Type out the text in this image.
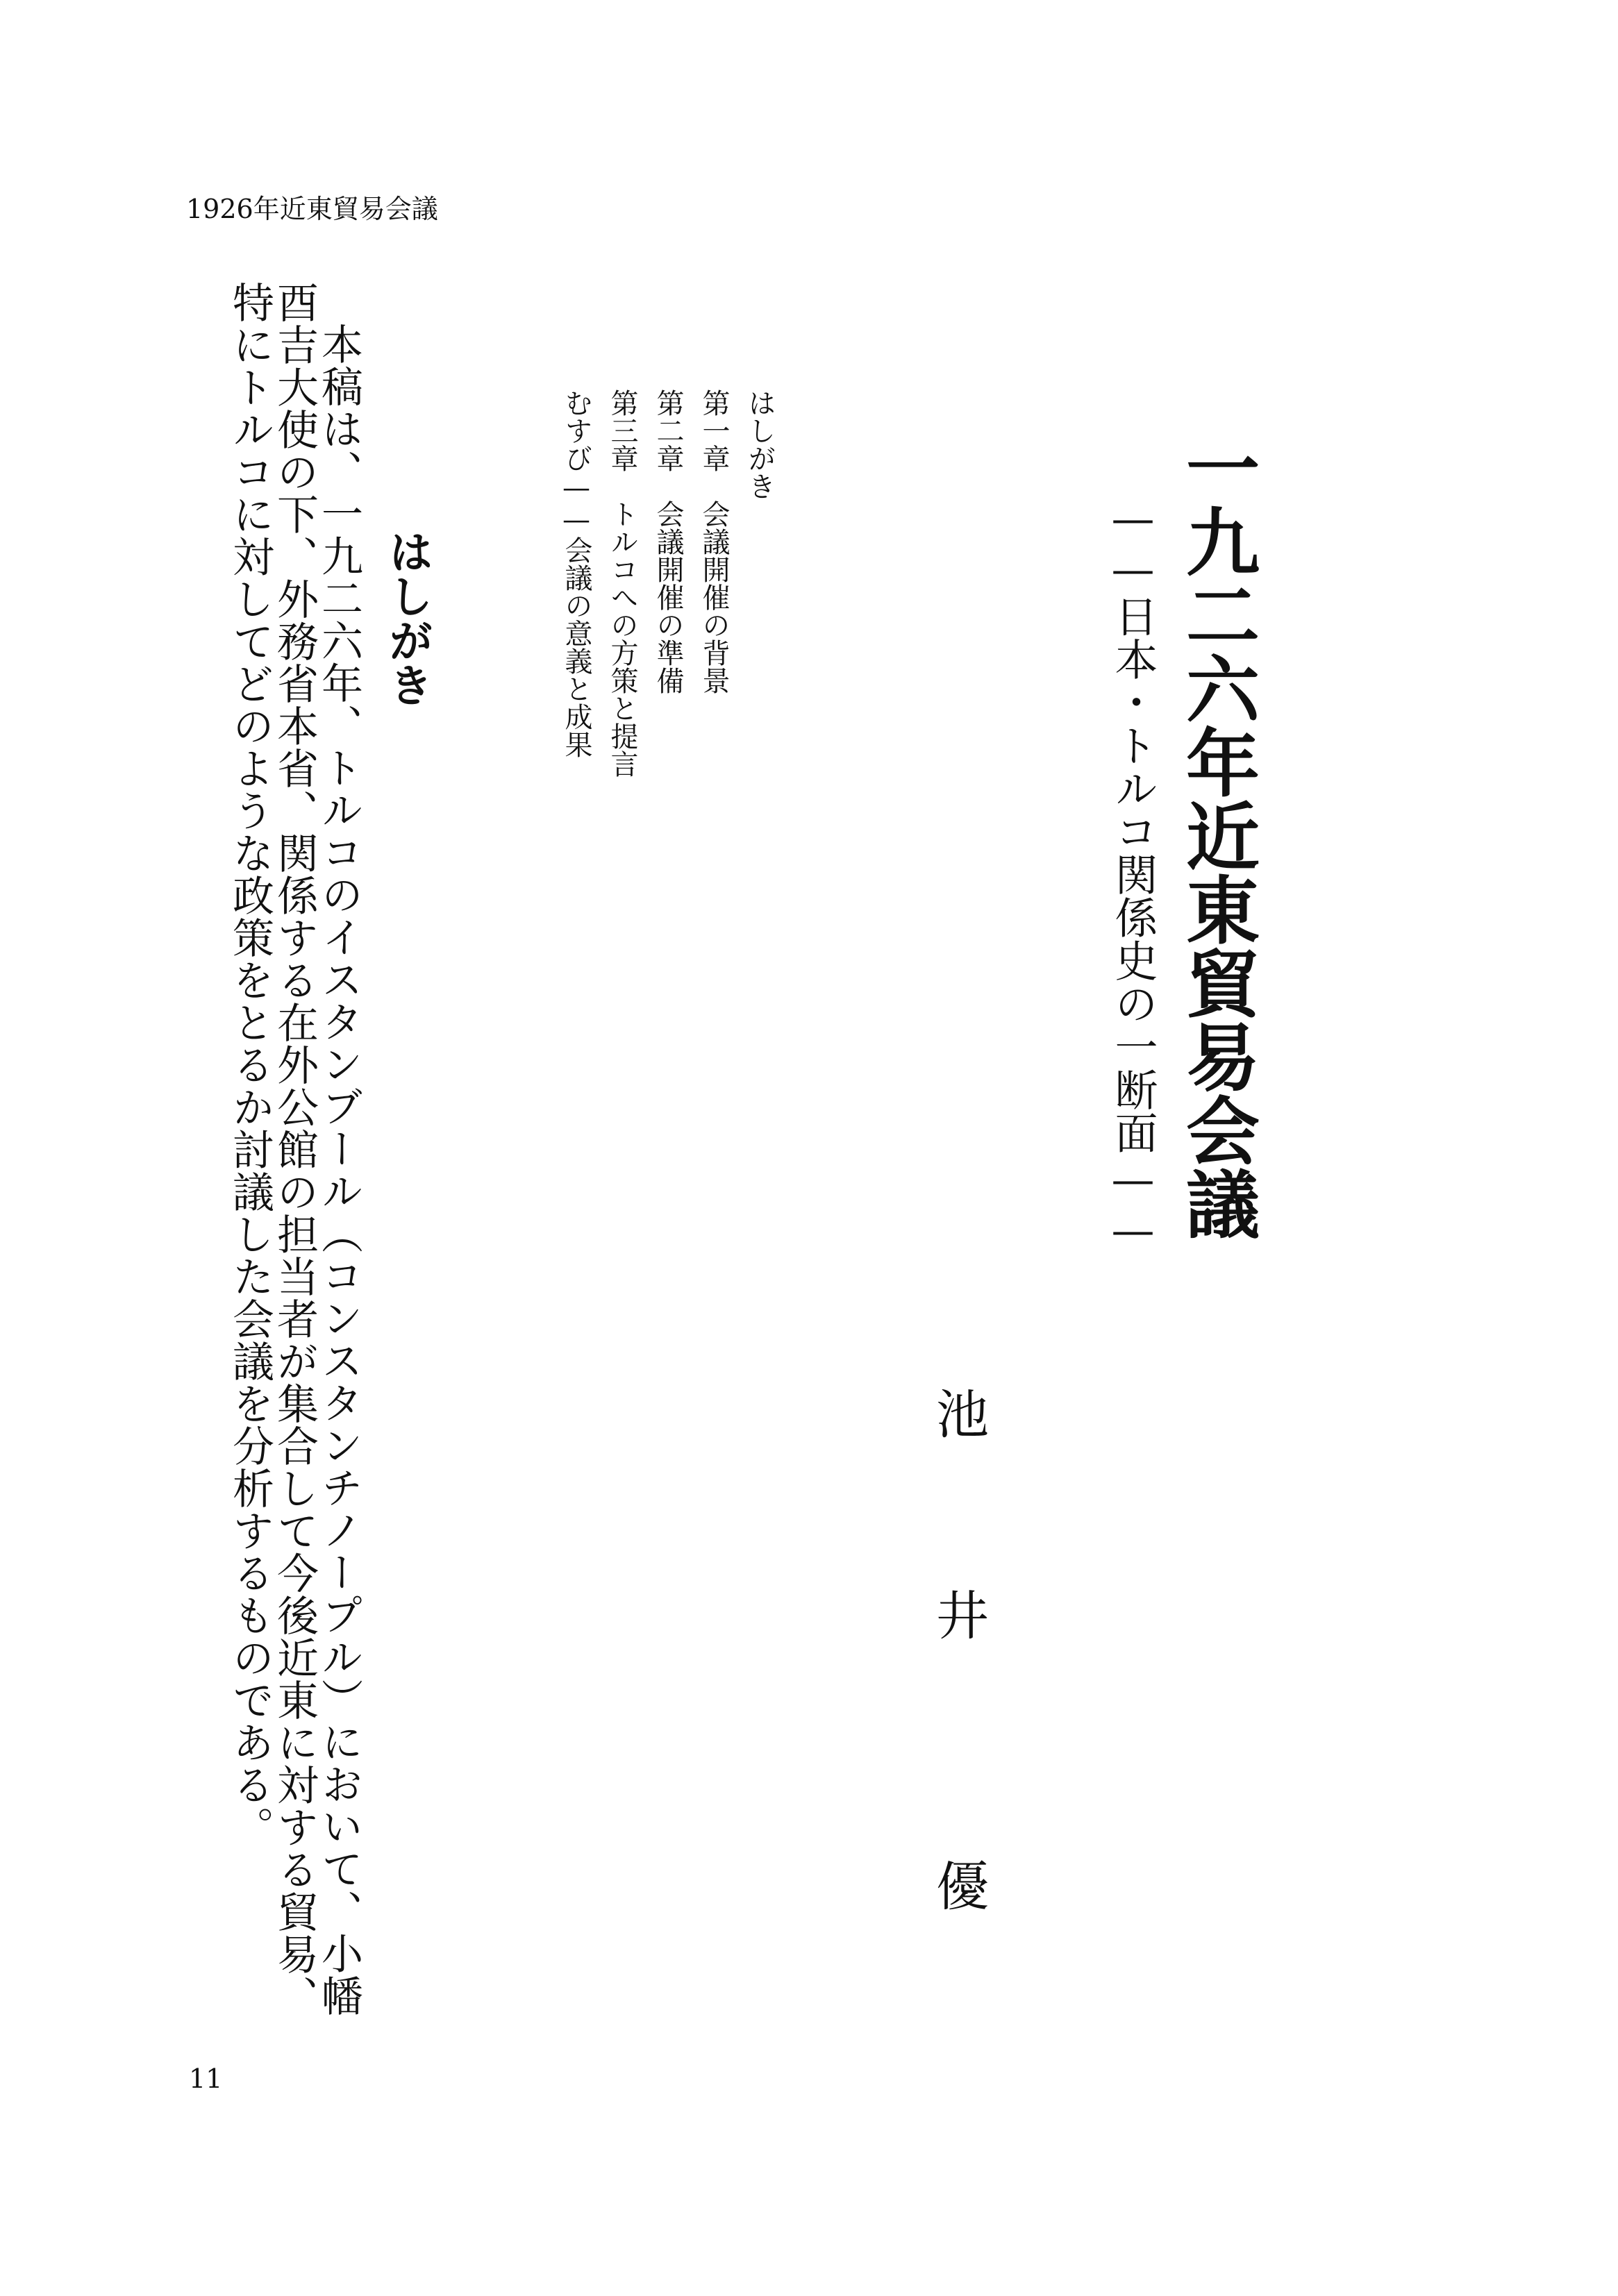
1926年近東貿易会議
一九二六年近東貿易会議
——日本・トルコ関係史の一断面——
池
井
優
はしがき
第一章　会議開催の背景
第二章　会議開催の準備
第三章　トルコへの方策と提言
むすび——会議の意義と成果
はしがき

本稿は、一九二六年、トルコのイスタンブール（コンスタンチノープル）において、小幡酉吉大使の下、外務省本省、関係する在外公館の担当者が集合して今後近東に対する貿易、特にトルコに対してどのような政策をとるか討議した会議を分析するものである。

11
